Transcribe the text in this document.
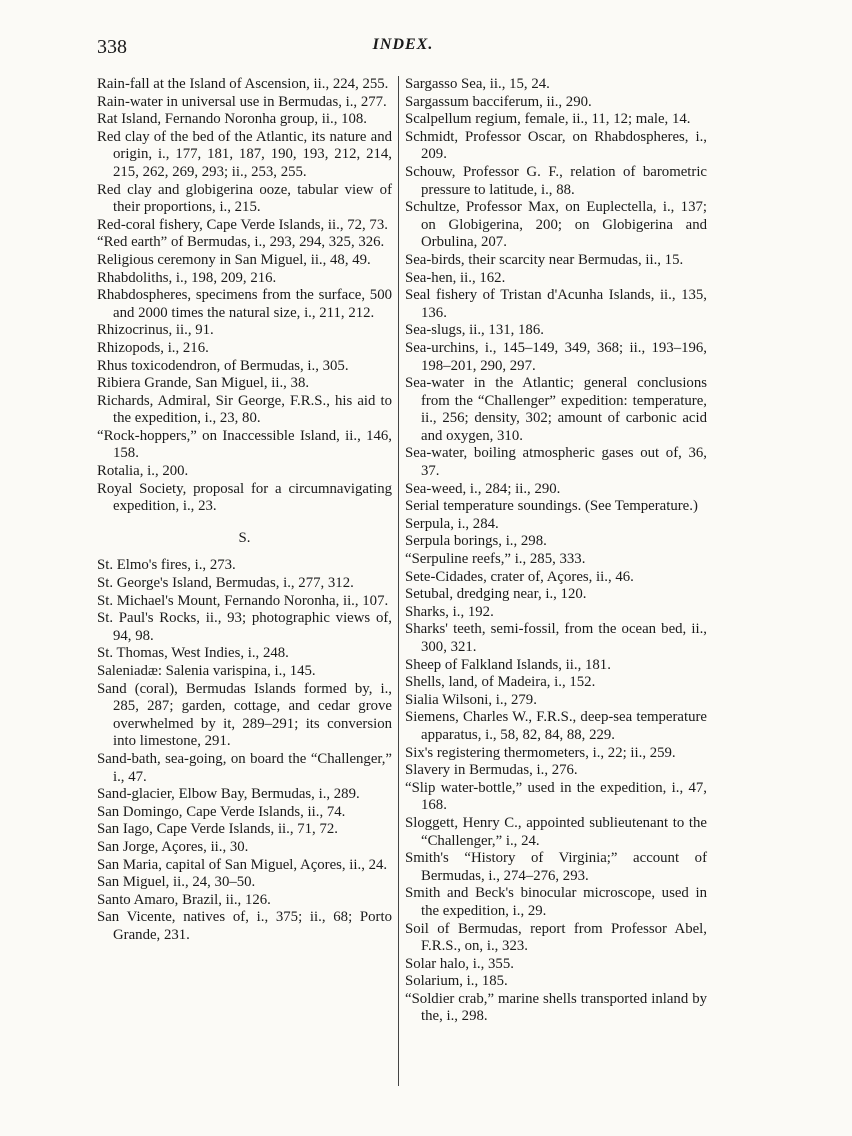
338	INDEX.

Rain-fall at the Island of Ascension, ii., 224, 255.

Rain-water in universal use in Bermudas, i., 277.

Rat Island, Fernando Noronha group, ii., 108.

Red clay of the bed of the Atlantic, its nature and origin, i., 177, 181, 187, 190, 193, 212, 214, 215, 262, 269, 293; ii., 253, 255.

Red clay and globigerina ooze, tabular view of their proportions, i., 215.

Red-coral fishery, Cape Verde Islands, ii., 72, 73.

“Red earth” of Bermudas, i., 293, 294, 325, 326.

Religious ceremony in San Miguel, ii., 48, 49.

Rhabdoliths, i., 198, 209, 216.

Rhabdospheres, specimens from the surface, 500 and 2000 times the natural size, i., 211, 212.

Rhizocrinus, ii., 91.

Rhizopods, i., 216.

Rhus toxicodendron, of Bermudas, i., 305.

Ribiera Grande, San Miguel, ii., 38.

Richards, Admiral, Sir George, F.R.S., his aid to the expedition, i., 23, 80.

“Rock-hoppers,” on Inaccessible Island, ii., 146, 158.

Rotalia, i., 200.

Royal Society, proposal for a circumnavigating expedition, i., 23.

S.

St. Elmo's fires, i., 273.

St. George's Island, Bermudas, i., 277, 312.

St. Michael's Mount, Fernando Noronha, ii., 107.

St. Paul's Rocks, ii., 93; photographic views of, 94, 98.

St. Thomas, West Indies, i., 248.

Saleniadæ: Salenia varispina, i., 145.

Sand (coral), Bermudas Islands formed by, i., 285, 287; garden, cottage, and cedar grove overwhelmed by it, 289–291; its conversion into limestone, 291.

Sand-bath, sea-going, on board the “Challenger,” i., 47.

Sand-glacier, Elbow Bay, Bermudas, i., 289.

San Domingo, Cape Verde Islands, ii., 74.

San Iago, Cape Verde Islands, ii., 71, 72.

San Jorge, Açores, ii., 30.

San Maria, capital of San Miguel, Açores, ii., 24.

San Miguel, ii., 24, 30–50.

Santo Amaro, Brazil, ii., 126.

San Vicente, natives of, i., 375; ii., 68; Porto Grande, 231.

Sargasso Sea, ii., 15, 24.

Sargassum bacciferum, ii., 290.

Scalpellum regium, female, ii., 11, 12; male, 14.

Schmidt, Professor Oscar, on Rhabdospheres, i., 209.

Schouw, Professor G. F., relation of barometric pressure to latitude, i., 88.

Schultze, Professor Max, on Euplectella, i., 137; on Globigerina, 200; on Globigerina and Orbulina, 207.

Sea-birds, their scarcity near Bermudas, ii., 15.

Sea-hen, ii., 162.

Seal fishery of Tristan d'Acunha Islands, ii., 135, 136.

Sea-slugs, ii., 131, 186.

Sea-urchins, i., 145–149, 349, 368; ii., 193–196, 198–201, 290, 297.

Sea-water in the Atlantic; general conclusions from the “Challenger” expedition: temperature, ii., 256; density, 302; amount of carbonic acid and oxygen, 310.

Sea-water, boiling atmospheric gases out of, 36, 37.

Sea-weed, i., 284; ii., 290.

Serial temperature soundings. (See Temperature.)

Serpula, i., 284.

Serpula borings, i., 298.

“Serpuline reefs,” i., 285, 333.

Sete-Cidades, crater of, Açores, ii., 46.

Setubal, dredging near, i., 120.

Sharks, i., 192.

Sharks' teeth, semi-fossil, from the ocean bed, ii., 300, 321.

Sheep of Falkland Islands, ii., 181.

Shells, land, of Madeira, i., 152.

Sialia Wilsoni, i., 279.

Siemens, Charles W., F.R.S., deep-sea temperature apparatus, i., 58, 82, 84, 88, 229.

Six's registering thermometers, i., 22; ii., 259.

Slavery in Bermudas, i., 276.

“Slip water-bottle,” used in the expedition, i., 47, 168.

Sloggett, Henry C., appointed sublieutenant to the “Challenger,” i., 24.

Smith's “History of Virginia;” account of Bermudas, i., 274–276, 293.

Smith and Beck's binocular microscope, used in the expedition, i., 29.

Soil of Bermudas, report from Professor Abel, F.R.S., on, i., 323.

Solar halo, i., 355.

Solarium, i., 185.

“Soldier crab,” marine shells transported inland by the, i., 298.
